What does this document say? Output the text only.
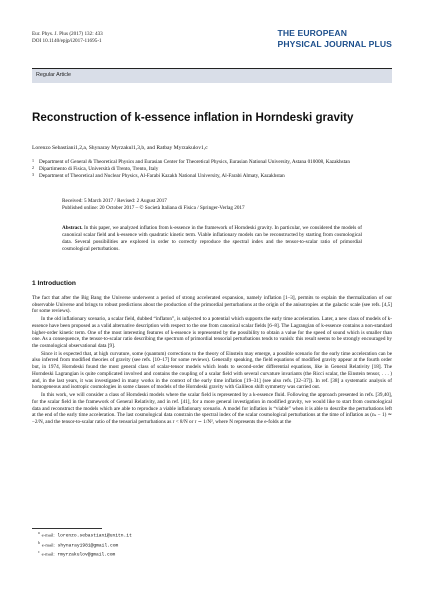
Eur. Phys. J. Plus (2017) 132: 433
DOI 10.1140/epjp/i2017-11695-1
THE EUROPEAN
PHYSICAL JOURNAL PLUS
Regular Article
Reconstruction of k-essence inflation in Horndeski gravity
Lorenzo Sebastiani1,2,a, Shynaray Myrzakul1,3,b, and Ratbay Myrzakulov1,c

1 Department of General & Theoretical Physics and Eurasian Center for Theoretical Physics, Eurasian National University, Astana 010008, Kazakhstan

2 Dipartimento di Fisica, Università di Trento, Trento, Italy

3 Department of Theoretical and Nuclear Physics, Al-Farabi Kazakh National University, Al-Farabi Almaty, Kazakhstan

Received: 5 March 2017 / Revised: 2 August 2017
Published online: 20 October 2017 – © Società Italiana di Fisica / Springer-Verlag 2017
Abstract. In this paper, we analyzed inflation from k-essence in the framework of Horndeski gravity. In particular, we considered the models of canonical scalar field and k-essence with quadratic kinetic term. Viable inflationary models can be reconstructed by starting from cosmological data. Several possibilities are explored in order to correctly reproduce the spectral index and the tensor-to-scalar ratio of primordial cosmological perturbations.
1 Introduction

The fact that after the Big Bang the Universe underwent a period of strong accelerated expansion, namely inflation [1–3], permits to explain the thermalization of our observable Universe and brings to robust predictions about the production of the primordial perturbations at the origin of the anisotropies at the galactic scale (see refs. [4,5] for some reviews).

In the old inflationary scenario, a scalar field, dubbed “inflaton”, is subjected to a potential which supports the early time acceleration. Later, a new class of models of k-essence have been proposed as a valid alternative description with respect to the one from canonical scalar fields [6–8]. The Lagrangian of k-essence contains a non-standard higher-order kinetic term. One of the most interesting features of k-essence is represented by the possibility to obtain a value for the speed of sound which is smaller than one. As a consequence, the tensor-to-scalar ratio describing the spectrum of primordial tensorial perturbations tends to vanish: this result seems to be strongly encouraged by the cosmological observational data [9].

Since it is expected that, at high curvature, some (quantum) corrections to the theory of Einstein may emerge, a possible scenario for the early time acceleration can be also inferred from modified theories of gravity (see refs. [10–17] for some reviews). Generally speaking, the field equations of modified gravity appear at the fourth order but, in 1974, Horndeski found the most general class of scalar-tensor models which leads to second-order differential equations, like in General Relativity [18]. The Horndeski Lagrangian is quite complicated involved and contains the coupling of a scalar field with several curvature invariants (the Ricci scalar, the Einstein tensor, . . . ) and, in the last years, it was investigated in many works in the context of the early time inflation [19–31] (see also refs. [32–37]). In ref. [38] a systematic analysis of homogeneous and isotropic cosmologies in some classes of models of the Horndeski gravity with Galileon shift symmetry was carried out.

In this work, we will consider a class of Horndeski models where the scalar field is represented by a k-essence fluid. Following the approach presented in refs. [39,40], for the scalar field in the framework of General Relativity, and in ref. [41], for a more general investigation in modified gravity, we would like to start from cosmological data and reconstruct the models which are able to reproduce a viable inflationary scenario. A model for inflation is “viable” when it is able to describe the perturbations left at the end of the early time acceleration. The last cosmological data constrain the spectral index of the scalar cosmological perturbations at the time of inflation as (nₛ − 1) ≃ −2/N, and the tensor-to-scalar ratio of the tensorial perturbations as r < 8/N or r ∼ 1/N², where N represents the e-folds at the

$^a$ e-mail: lorenzo.sebastiani@unitn.it
$^b$ e-mail: shynaray1981@gmail.com
$^c$ e-mail: rmyrzakulov@gmail.com
